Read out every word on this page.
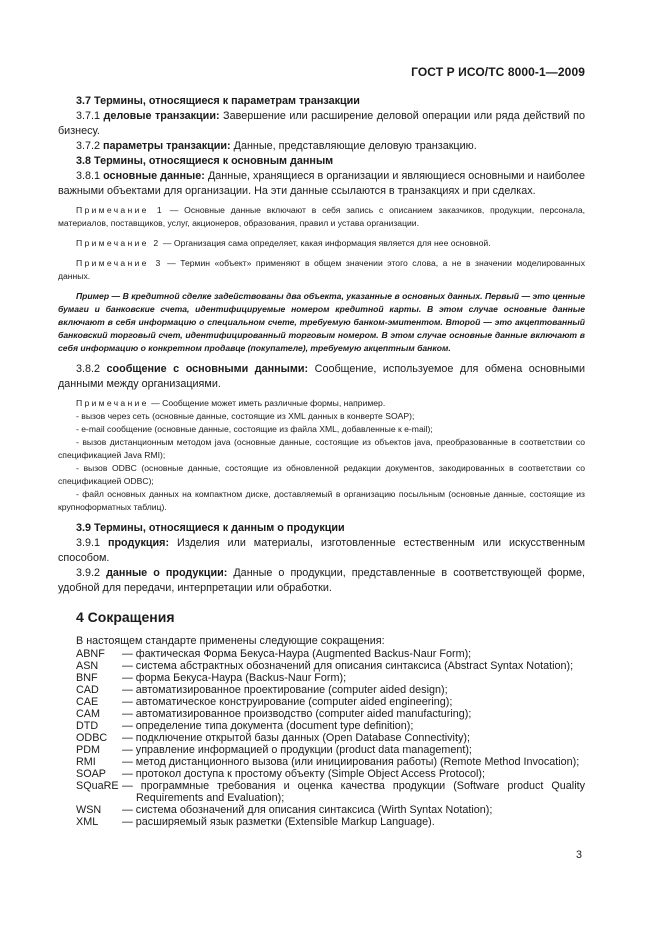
ГОСТ Р ИСО/ТС 8000-1—2009

3.7 Термины, относящиеся к параметрам транзакции

3.7.1 деловые транзакции: Завершение или расширение деловой операции или ряда действий по бизнесу.

3.7.2 параметры транзакции: Данные, представляющие деловую транзакцию.

3.8 Термины, относящиеся к основным данным

3.8.1 основные данные: Данные, хранящиеся в организации и являющиеся основными и наиболее важными объектами для организации. На эти данные ссылаются в транзакциях и при сделках.

Примечание 1 — Основные данные включают в себя запись с описанием заказчиков, продукции, персонала, материалов, поставщиков, услуг, акционеров, образования, правил и устава организации.

Примечание 2 — Организация сама определяет, какая информация является для нее основной.

Примечание 3 — Термин «объект» применяют в общем значении этого слова, а не в значении моделированных данных.

Пример — В кредитной сделке задействованы два объекта, указанные в основных данных. Первый — это ценные бумаги и банковские счета, идентифицируемые номером кредитной карты. В этом случае основные данные включают в себя информацию о специальном счете, требуемую банком-эмитентом. Второй — это акцептованный банковский торговый счет, идентифицированный торговым номером. В этом случае основные данные включают в себя информацию о конкретном продавце (покупателе), требуемую акцептным банком.

3.8.2 сообщение с основными данными: Сообщение, используемое для обмена основными данными между организациями.

Примечание — Сообщение может иметь различные формы, например.

- вызов через сеть (основные данные, состоящие из XML данных в конверте SOAP);

- e-mail сообщение (основные данные, состоящие из файла XML, добавленные к e-mail);

- вызов дистанционным методом java (основные данные, состоящие из объектов java, преобразованные в соответствии со спецификацией Java RMI);

- вызов ODBC (основные данные, состоящие из обновленной редакции документов, закодированных в соответствии со спецификацией ODBC);

- файл основных данных на компактном диске, доставляемый в организацию посыльным (основные данные, состоящие из крупноформатных таблиц).

3.9 Термины, относящиеся к данным о продукции

3.9.1 продукция: Изделия или материалы, изготовленные естественным или искусственным способом.

3.9.2 данные о продукции: Данные о продукции, представленные в соответствующей форме, удобной для передачи, интерпретации или обработки.

4 Сокращения

В настоящем стандарте применены следующие сокращения:

ABNF	— фактическая Форма Бекуса-Наура (Augmented Backus-Naur Form);
ASN	— система абстрактных обозначений для описания синтаксиса (Abstract Syntax Notation);
BNF	— форма Бекуса-Наура (Backus-Naur Form);
CAD	— автоматизированное проектирование (computer aided design);
CAE	— автоматическое конструирование (computer aided engineering);
CAM	— автоматизированное производство (computer aided manufacturing);
DTD	— определение типа документа (document type definition);
ODBC	— подключение открытой базы данных (Open Database Connectivity);
PDM	— управление информацией о продукции (product data management);
RMI	— метод дистанционного вызова (или инициирования работы) (Remote Method Invocation);
SOAP	— протокол доступа к простому объекту (Simple Object Access Protocol);
SQuaRE — программные требования и оценка качества продукции (Software product Quality Requirements and Evaluation);
WSN	— система обозначений для описания синтаксиса (Wirth Syntax Notation);
XML	— расширяемый язык разметки (Extensible Markup Language).
3
